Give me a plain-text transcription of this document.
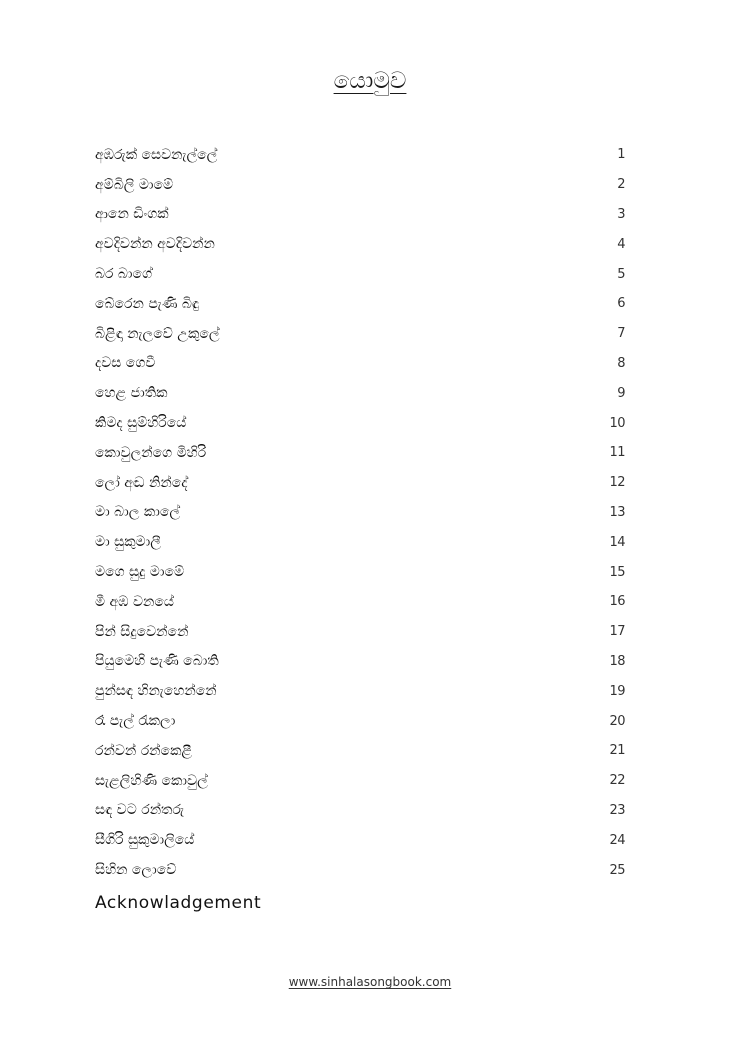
යොමුව
අඹරුක් සෙවනැල්ලේ	1
අම්බිලි මාමේ	2
ආනෙ ඩිංගක්	3
අවදිවන්න අවදිවන්න	4
බර බාගේ	5
බේරෙන පැණි බිඳු	6
බිළිඳා නැලවේ උකුලේ	7
දවස ගෙවී	8
හෙළ ජාතික	9
කිමද සුම්හිරියේ	10
කොවුලන්ගෙ මිහිරි	11
ලෝ අඬ නින්දේ	12
මා බාල කාලේ	13
මා සුකුමාලී	14
මගෙ සුදු මාමේ	15
මී අඹ වනයේ	16
පින් සිදුවෙන්නේ	17
පියුමෙහි පැණි බොති	18
පුන්සඳ හිනැහෙන්නේ	19
රෑ පැල් රැකලා	20
රන්වන් රන්කෙළී	21
සැළලිහිණි කොවුල්	22
සඳ වට රන්තරු	23
සීගිරි සුකුමාලියේ	24
සිහින ලොවේ	25
Acknowladgement
www.sinhalasongbook.com
